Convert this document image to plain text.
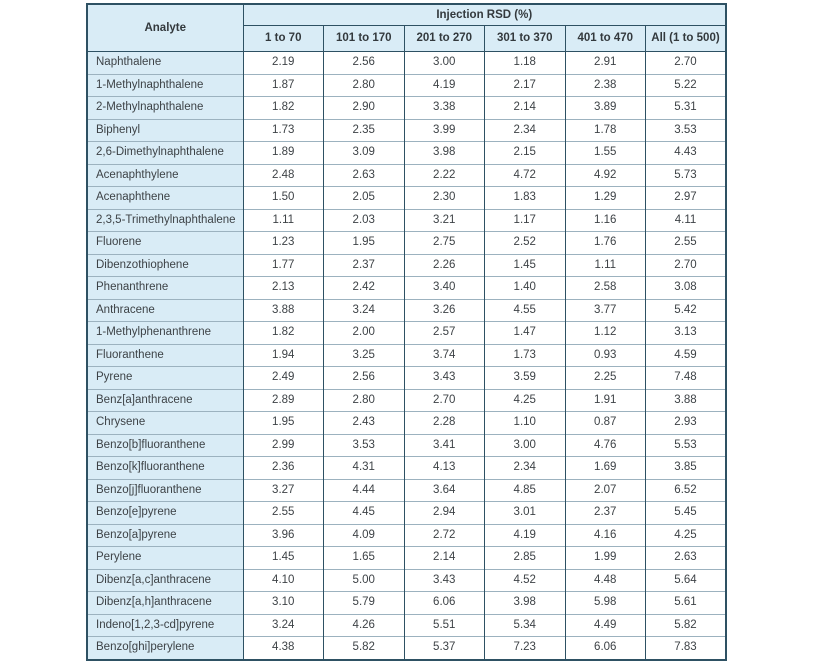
Analyte	Injection RSD (%)					
	1 to 70	101 to 170	201 to 270	301 to 370	401 to 470	All (1 to 500)
Naphthalene	2.19	2.56	3.00	1.18	2.91	2.70
1-Methylnaphthalene	1.87	2.80	4.19	2.17	2.38	5.22
2-Methylnaphthalene	1.82	2.90	3.38	2.14	3.89	5.31
Biphenyl	1.73	2.35	3.99	2.34	1.78	3.53
2,6-Dimethylnaphthalene	1.89	3.09	3.98	2.15	1.55	4.43
Acenaphthylene	2.48	2.63	2.22	4.72	4.92	5.73
Acenaphthene	1.50	2.05	2.30	1.83	1.29	2.97
2,3,5-Trimethylnaphthalene	1.11	2.03	3.21	1.17	1.16	4.11
Fluorene	1.23	1.95	2.75	2.52	1.76	2.55
Dibenzothiophene	1.77	2.37	2.26	1.45	1.11	2.70
Phenanthrene	2.13	2.42	3.40	1.40	2.58	3.08
Anthracene	3.88	3.24	3.26	4.55	3.77	5.42
1-Methylphenanthrene	1.82	2.00	2.57	1.47	1.12	3.13
Fluoranthene	1.94	3.25	3.74	1.73	0.93	4.59
Pyrene	2.49	2.56	3.43	3.59	2.25	7.48
Benz[a]anthracene	2.89	2.80	2.70	4.25	1.91	3.88
Chrysene	1.95	2.43	2.28	1.10	0.87	2.93
Benzo[b]fluoranthene	2.99	3.53	3.41	3.00	4.76	5.53
Benzo[k]fluoranthene	2.36	4.31	4.13	2.34	1.69	3.85
Benzo[j]fluoranthene	3.27	4.44	3.64	4.85	2.07	6.52
Benzo[e]pyrene	2.55	4.45	2.94	3.01	2.37	5.45
Benzo[a]pyrene	3.96	4.09	2.72	4.19	4.16	4.25
Perylene	1.45	1.65	2.14	2.85	1.99	2.63
Dibenz[a,c]anthracene	4.10	5.00	3.43	4.52	4.48	5.64
Dibenz[a,h]anthracene	3.10	5.79	6.06	3.98	5.98	5.61
Indeno[1,2,3-cd]pyrene	3.24	4.26	5.51	5.34	4.49	5.82
Benzo[ghi]perylene	4.38	5.82	5.37	7.23	6.06	7.83
